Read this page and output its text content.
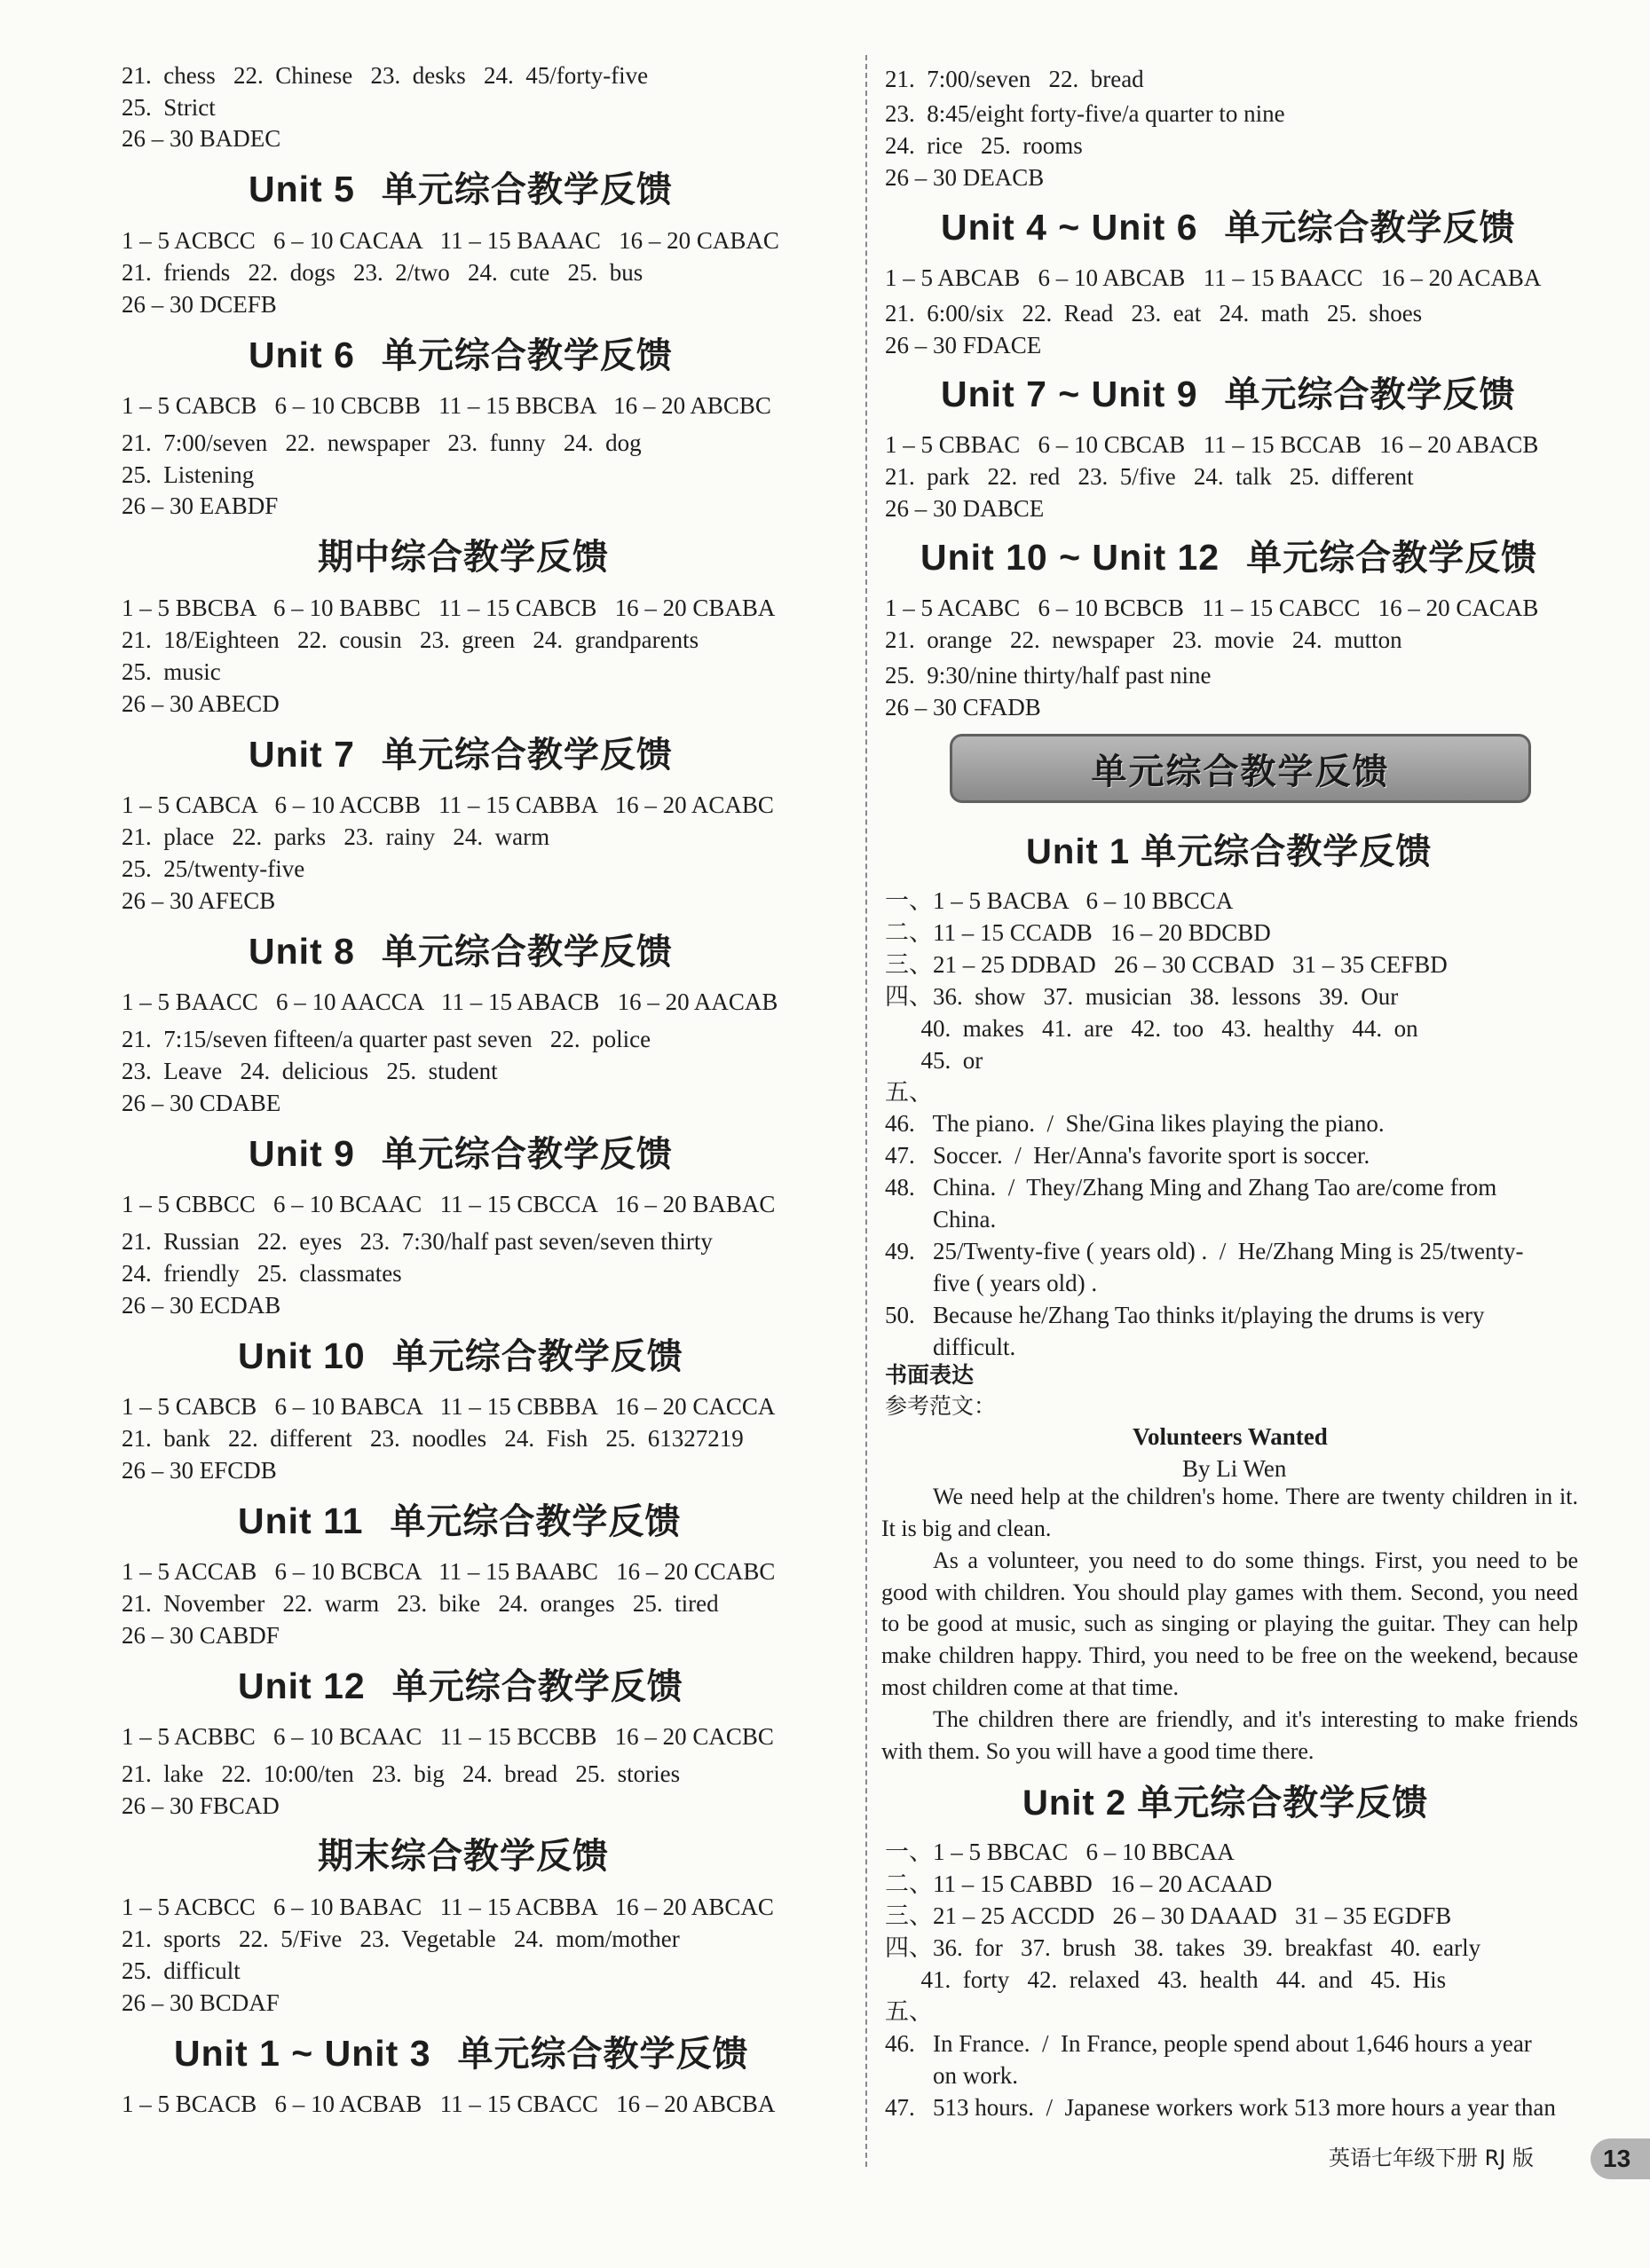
21.  chess   22.  Chinese   23.  desks   24.  45/forty-five
25.  Strict
26 – 30 BADEC
Unit 5 单元综合教学反馈
1 – 5 ACBCC   6 – 10 CACAA   11 – 15 BAAAC   16 – 20 CABAC
21.  friends   22.  dogs   23.  2/two   24.  cute   25.  bus
26 – 30 DCEFB
Unit 6 单元综合教学反馈
1 – 5 CABCB   6 – 10 CBCBB   11 – 15 BBCBA   16 – 20 ABCBC
21.  7:00/seven   22.  newspaper   23.  funny   24.  dog
25.  Listening
26 – 30 EABDF
期中综合教学反馈
1 – 5 BBCBA   6 – 10 BABBC   11 – 15 CABCB   16 – 20 CBABA
21.  18/Eighteen   22.  cousin   23.  green   24.  grandparents
25.  music
26 – 30 ABECD
Unit 7 单元综合教学反馈
1 – 5 CABCA   6 – 10 ACCBB   11 – 15 CABBA   16 – 20 ACABC
21.  place   22.  parks   23.  rainy   24.  warm
25.  25/twenty-five
26 – 30 AFECB
Unit 8 单元综合教学反馈
1 – 5 BAACC   6 – 10 AACCA   11 – 15 ABACB   16 – 20 AACAB
21.  7:15/seven fifteen/a quarter past seven   22.  police
23.  Leave   24.  delicious   25.  student
26 – 30 CDABE
Unit 9 单元综合教学反馈
1 – 5 CBBCC   6 – 10 BCAAC   11 – 15 CBCCA   16 – 20 BABAC
21.  Russian   22.  eyes   23.  7:30/half past seven/seven thirty
24.  friendly   25.  classmates
26 – 30 ECDAB
Unit 10 单元综合教学反馈
1 – 5 CABCB   6 – 10 BABCA   11 – 15 CBBBA   16 – 20 CACCA
21.  bank   22.  different   23.  noodles   24.  Fish   25.  61327219
26 – 30 EFCDB
Unit 11 单元综合教学反馈
1 – 5 ACCAB   6 – 10 BCBCA   11 – 15 BAABC   16 – 20 CCABC
21.  November   22.  warm   23.  bike   24.  oranges   25.  tired
26 – 30 CABDF
Unit 12 单元综合教学反馈
1 – 5 ACBBC   6 – 10 BCAAC   11 – 15 BCCBB   16 – 20 CACBC
21.  lake   22.  10:00/ten   23.  big   24.  bread   25.  stories
26 – 30 FBCAD
期末综合教学反馈
1 – 5 ACBCC   6 – 10 BABAC   11 – 15 ACBBA   16 – 20 ABCAC
21.  sports   22.  5/Five   23.  Vegetable   24.  mom/mother
25.  difficult
26 – 30 BCDAF
Unit 1 ~ Unit 3 单元综合教学反馈
1 – 5 BCACB   6 – 10 ACBAB   11 – 15 CBACC   16 – 20 ABCBA
21.  7:00/seven   22.  bread
23.  8:45/eight forty-five/a quarter to nine
24.  rice   25.  rooms
26 – 30 DEACB
Unit 4 ~ Unit 6 单元综合教学反馈
1 – 5 ABCAB   6 – 10 ABCAB   11 – 15 BAACC   16 – 20 ACABA
21.  6:00/six   22.  Read   23.  eat   24.  math   25.  shoes
26 – 30 FDACE
Unit 7 ~ Unit 9 单元综合教学反馈
1 – 5 CBBAC   6 – 10 CBCAB   11 – 15 BCCAB   16 – 20 ABACB
21.  park   22.  red   23.  5/five   24.  talk   25.  different
26 – 30 DABCE
Unit 10 ~ Unit 12 单元综合教学反馈
1 – 5 ACABC   6 – 10 BCBCB   11 – 15 CABCC   16 – 20 CACAB
21.  orange   22.  newspaper   23.  movie   24.  mutton
25.  9:30/nine thirty/half past nine
26 – 30 CFADB
单元综合教学反馈
Unit 1 单元综合教学反馈
一、1 – 5 BACBA   6 – 10 BBCCA
二、11 – 15 CCADB   16 – 20 BDCBD
三、21 – 25 DDBAD   26 – 30 CCBAD   31 – 35 CEFBD
四、36.  show   37.  musician   38.  lessons   39.  Our
40.  makes   41.  are   42.  too   43.  healthy   44.  on
45.  or
五、
46.   The piano.  /  She/Gina likes playing the piano.
47.   Soccer.  /  Her/Anna's favorite sport is soccer.
48.   China.  /  They/Zhang Ming and Zhang Tao are/come from
China.
49.   25/Twenty-five ( years old) .  /  He/Zhang Ming is 25/twenty-
five ( years old) .
50.   Because he/Zhang Tao thinks it/playing the drums is very
difficult.
书面表达
参考范文：
Volunteers Wanted
By Li Wen
We need help at the children's home. There are twenty children in it. It is big and clean.
As a volunteer, you need to do some things. First, you need to be good with children. You should play games with them. Second, you need to be good at music, such as singing or playing the guitar. They can help make children happy. Third, you need to be free on the weekend, because most children come at that time.
The children there are friendly, and it's interesting to make friends with them. So you will have a good time there.
Unit 2 单元综合教学反馈
一、1 – 5 BBCAC   6 – 10 BBCAA
二、11 – 15 CABBD   16 – 20 ACAAD
三、21 – 25 ACCDD   26 – 30 DAAAD   31 – 35 EGDFB
四、36.  for   37.  brush   38.  takes   39.  breakfast   40.  early
41.  forty   42.  relaxed   43.  health   44.  and   45.  His
五、
46.   In France.  /  In France, people spend about 1,646 hours a year
on work.
47.   513 hours.  /  Japanese workers work 513 more hours a year than
英语七年级下册 RJ 版	13
